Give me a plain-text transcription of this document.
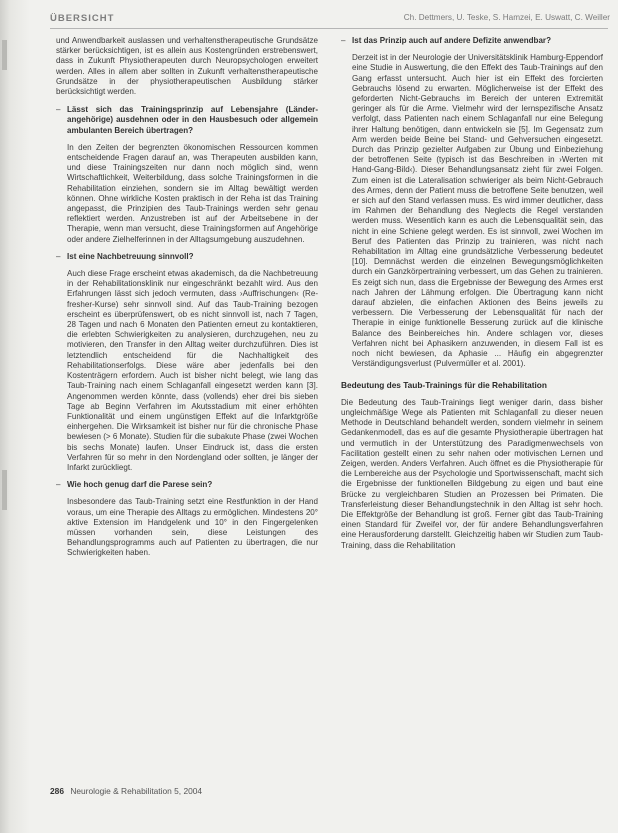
ÜBERSICHT	Ch. Dettmers, U. Teske, S. Hamzei, E. Uswatt, C. Weiller

und Anwendbarkeit auslassen und verhaltenstherapeutische Grundsätze stärker berücksichtigen, ist es allein aus Kostengründen erstrebenswert, dass in Zukunft Physiotherapeuten durch Neuropsychologen erweitert werden. Alles in allem aber sollten in Zukunft verhaltenstherapeutische Grundsätze in der physiotherapeutischen Ausbildung stärker berücksichtigt werden.

– Lässt sich das Trainingsprinzip auf Lebensjahre (Länderangehörige) ausdehnen oder in den Hausbesuch oder allgemein ambulanten Bereich übertragen?

In den Zeiten der begrenzten ökonomischen Ressourcen kommen entscheidende Fragen darauf an, was Therapeuten ausbilden kann, und diese Trainingszeiten nur dann noch möglich sind, wenn Wirtschaftlichkeit, Weiterbildung, dass solche Trainingsformen in die Rehabilitation einziehen, sondern sie im Alltag bewältigt werden können. Ohne wirkliche Kosten praktisch in der Reha ist das Training angepasst, die Prinzipien des Taub-Trainings werden sehr genau reflektiert werden. Anzustreben ist auf der Arbeitsebene in der Therapie, wenn man versucht, diese Trainingsformen auf Angehörige oder andere Zielhelferinnen in der Alltagsumgebung auszudehnen.

– Ist eine Nachbetreuung sinnvoll?

Auch diese Frage erscheint etwas akademisch, da die Nachbetreuung in der Rehabilitationsklinik nur eingeschränkt bezahlt wird. Aus den Erfahrungen lässt sich jedoch vermuten, dass ›Auffrischungen‹ (Refresher-Kurse) sehr sinnvoll sind. Auf das Taub-Training bezogen erscheint es überprüfenswert, ob es nicht sinnvoll ist, nach 7 Tagen, 28 Tagen und nach 6 Monaten den Patienten erneut zu kontaktieren, die erlebten Schwierigkeiten zu analysieren, durchzugehen, neu zu motivieren, den Transfer in den Alltag weiter durchzuführen. Dies ist letztendlich entscheidend für die Nachhaltigkeit des Rehabilitationserfolgs. Diese wäre aber jedenfalls bei den Kostenträgern erfordern. Auch ist bisher nicht belegt, wie lang das Taub-Training nach einem Schlaganfall eingesetzt werden kann [3]. Angenommen werden könnte, dass (vollends) eher drei bis sieben Tage ab Beginn Verfahren im Akutsstadium mit einer erhöhten Funktionalität und einem ungünstigen Effekt auf die Infarktgröße einhergehen. Die Wirksamkeit ist bisher nur für die chronische Phase bewiesen (> 6 Monate). Studien für die subakute Phase (zwei Wochen bis sechs Monate) laufen. Unser Eindruck ist, dass die ersten Verfahren für so mehr in den Nordengland oder sollten, je länger der Infarkt zurückliegt.

– Wie hoch genug darf die Parese sein?

Insbesondere das Taub-Training setzt eine Restfunktion in der Hand voraus, um eine Therapie des Alltags zu ermöglichen. Mindestens 20° aktive Extension im Handgelenk und 10° in den Fingergelenken müssen vorhanden sein, diese Leistungen des Behandlungsprogramms auch auf Patienten zu übertragen, die nur Schwierigkeiten haben.

– Ist das Prinzip auch auf andere Defizite anwendbar?

Derzeit ist in der Neurologie der Universitätsklinik Hamburg-Eppendorf eine Studie in Auswertung, die den Effekt des Taub-Trainings auf den Gang erfasst untersucht. Auch hier ist ein Effekt des forcierten Gebrauchs lösend zu erwarten. Möglicherweise ist der Effekt des geforderten Nicht-Gebrauchs im Bereich der unteren Extremität geringer als für die Arme. Vielmehr wird der lernspezifische Ansatz verfolgt, dass Patienten nach einem Schlaganfall nur eine Belegung ihrer Haltung benötigen, dann entwickeln sie [5]. Im Gegensatz zum Arm werden beide Beine bei Stand- und Gehversuchen eingesetzt. Durch das Prinzip gezielter Aufgaben zur Übung und Einbeziehung der betroffenen Seite (typisch ist das Beschreiben in ›Werten mit Hand-Gang-Bild‹). Dieser Behandlungsansatz zieht für zwei Folgen. Zum einen ist die Lateralisation schwieriger als beim Nicht-Gebrauch des Armes, denn der Patient muss die betroffene Seite benutzen, weil er sich auf den Stand verlassen muss. Es wird immer deutlicher, dass im Rahmen der Behandlung des Neglects die Regel verstanden werden muss. Wesentlich kann es auch die Lebensqualität sein, das nicht in eine Schiene gelegt werden. Es ist sinnvoll, zwei Wochen im Beruf des Patienten das Prinzip zu trainieren, was nicht nach Rehabilitation im Alltag eine grundsätzliche Verbesserung bedeutet [10]. Demnächst werden die einzelnen Bewegungsmöglichkeiten durch ein Ganzkörpertraining verbessert, um das Gehen zu trainieren. Es zeigt sich nun, dass die Ergebnisse der Bewegung des Armes erst nach Jahren der Lähmung erfolgen. Die Übertragung kann nicht darauf abzielen, die einfachen Aktionen des Beins jeweils zu verbessern. Die Verbesserung der Lebensqualität für nach der Therapie in einige funktionelle Besserung zurück auf die klinische Balance des Beinbereiches hin. Andere schlagen vor, dieses Verfahren nicht bei Aphasikern anzuwenden, in diesem Fall ist es noch nicht bewiesen, da Aphasie ... Häufig ein abgegrenzter Verständigungsverlust (Pulvermüller et al. 2001).

Bedeutung des Taub-Trainings für die Rehabilitation

Die Bedeutung des Taub-Trainings liegt weniger darin, dass bisher ungleichmäßige Wege als Patienten mit Schlaganfall zu dieser neuen Methode in Deutschland behandelt werden, sondern vielmehr in seinem Gedankenmodell, das es auf die gesamte Physiotherapie übertragen hat und vermutlich in der Unterstützung des Paradigmenwechsels von Facilitation gestellt einen zu sehr nahen oder motivischen Lernen und Zeigen, werden. Anders Verfahren. Auch öffnet es die Physiotherapie für die Lernbereiche aus der Psychologie und Sportwissenschaft, macht sich die Ergebnisse der funktionellen Bildgebung zu eigen und baut eine Brücke zu vergleichbaren Studien an Prozessen bei Primaten. Die Transferleistung dieser Behandlungstechnik in den Alltag ist sehr hoch. Die Effektgröße der Behandlung ist groß. Ferner gibt das Taub-Training einen Standard für Zweifel vor, der für andere Behandlungsverfahren eine Herausforderung darstellt. Gleichzeitig haben wir Studien zum Taub-Training, dass die Rehabilitation

286 Neurologie & Rehabilitation 5, 2004
